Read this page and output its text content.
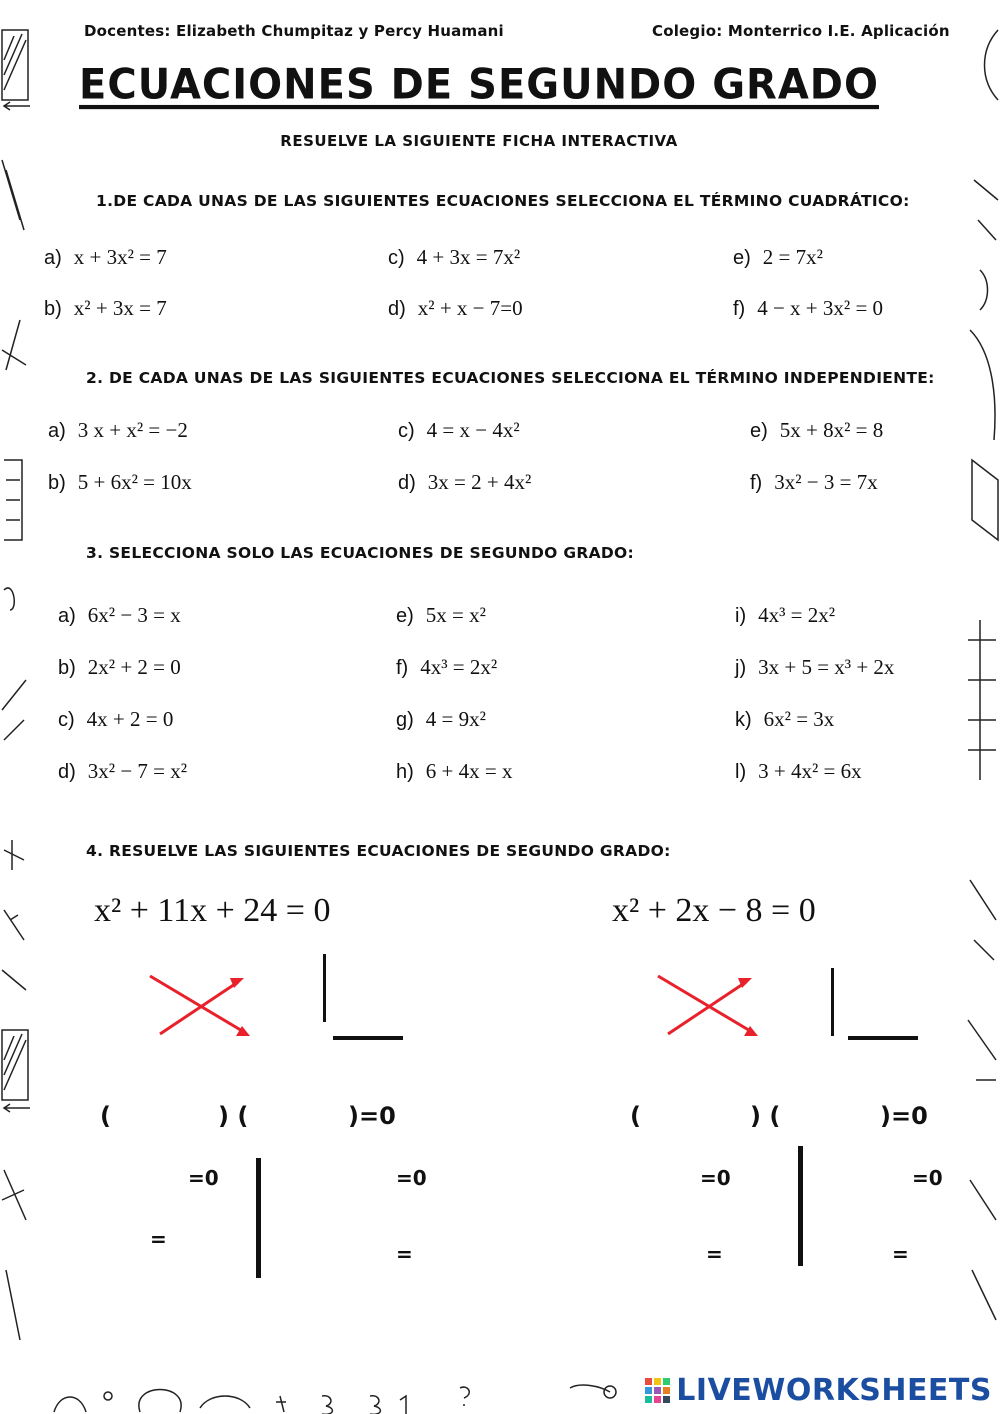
Docentes: Elizabeth Chumpitaz y Percy Huamani	Colegio: Monterrico I.E. Aplicación
ECUACIONES DE SEGUNDO GRADO
RESUELVE LA SIGUIENTE FICHA INTERACTIVA
1.DE CADA UNAS DE LAS SIGUIENTES ECUACIONES SELECCIONA EL TÉRMINO CUADRÁTICO:
a) x + 3x² = 7	c) 4 + 3x = 7x²	e) 2 = 7x²
b) x² + 3x = 7	d) x² + x − 7=0	f) 4 − x + 3x² = 0
2. DE CADA UNAS DE LAS SIGUIENTES ECUACIONES SELECCIONA EL TÉRMINO INDEPENDIENTE:
a) 3 x + x² = −2	c) 4 = x − 4x²	e) 5x + 8x² = 8
b) 5 + 6x² = 10x	d) 3x = 2 + 4x²	f) 3x² − 3 = 7x
3. SELECCIONA SOLO LAS ECUACIONES DE SEGUNDO GRADO:
a) 6x² − 3 = x	e) 5x = x²	i) 4x³ = 2x²
b) 2x² + 2 = 0	f) 4x³ = 2x²	j) 3x + 5 = x³ + 2x
c) 4x + 2 = 0	g) 4 = 9x²	k) 6x² = 3x
d) 3x² − 7 = x²	h) 6 + 4x = x	l) 3 + 4x² = 6x
4. RESUELVE LAS SIGUIENTES ECUACIONES DE SEGUNDO GRADO:
x² + 11x + 24 = 0
(	) (	)=0
=0
=
=0
=
x² + 2x − 8 = 0
(	) (	)=0
=0
=
=0
=
LIVEWORKSHEETS
